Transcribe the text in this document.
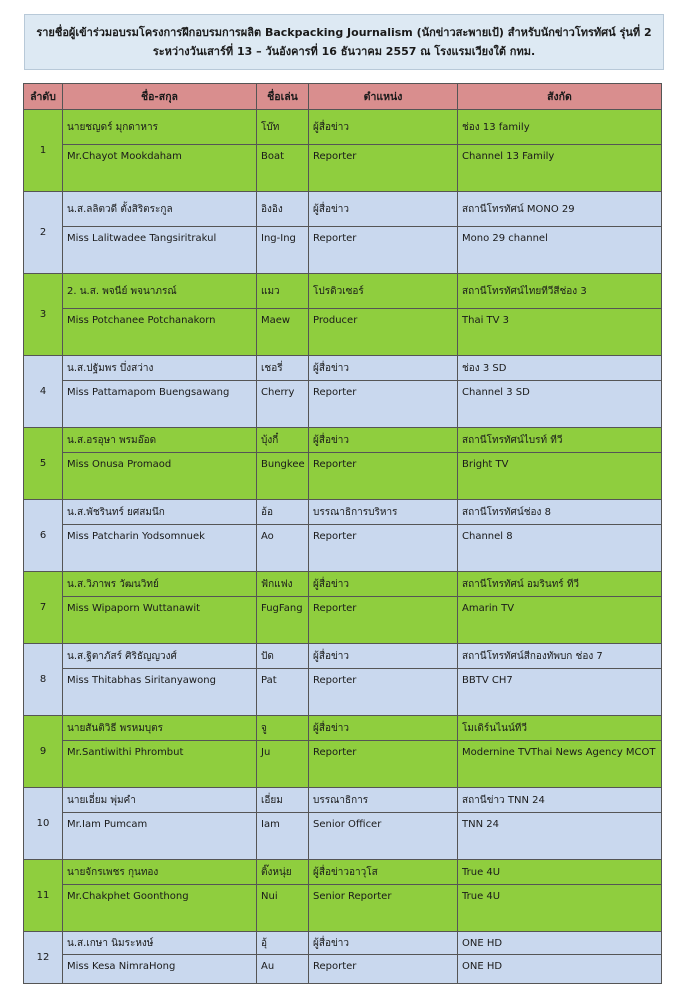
รายชื่อผู้เข้าร่วมอบรมโครงการฝึกอบรมการผลิต Backpacking Journalism (นักข่าวสะพายเป้) สำหรับนักข่าวโทรทัศน์ รุ่นที่ 2
ระหว่างวันเสาร์ที่ 13 – วันอังคารที่ 16 ธันวาคม 2557 ณ โรงแรมเวียงใต้ กทม.
ลำดับ	ชื่อ-สกุล	ชื่อเล่น	ตำแหน่ง	สังกัด
1	นายชญดร์ มุกดาหาร	โบ๊ท	ผู้สื่อข่าว	ช่อง 13 family
	Mr.Chayot Mookdaham	Boat	Reporter	Channel 13 Family
2	น.ส.ลลิตวดี ตั้งสิริตระกูล	อิงอิง	ผู้สื่อข่าว	สถานีโทรทัศน์ MONO 29
	Miss Lalitwadee Tangsiritrakul	Ing-Ing	Reporter	Mono 29 channel
3	2. น.ส. พจนีย์ พจนาภรณ์	แมว	โปรดิวเซอร์	สถานีโทรทัศน์ไทยทีวีสีช่อง 3
	Miss Potchanee Potchanakorn	Maew	Producer	Thai TV 3
4	น.ส.ปฐัมพร บึ่งสว่าง	เชอรี่	ผู้สื่อข่าว	ช่อง 3 SD
	Miss Pattamapom Buengsawang	Cherry	Reporter	Channel 3 SD
5	น.ส.อรอุษา พรมอ๊อด	บุ้งกี๋	ผู้สื่อข่าว	สถานีโทรทัศน์ไบรท์ ทีวี
	Miss Onusa Promaod	Bungkee	Reporter	Bright TV
6	น.ส.พัชรินทร์ ยศสมนึก	อ้อ	บรรณาธิการบริหาร	สถานีโทรทัศน์ช่อง 8
	Miss Patcharin Yodsomnuek	Ao	Reporter	Channel 8
7	น.ส.วิภาพร วัฒนวิทย์	ฟักแฟง	ผู้สื่อข่าว	สถานีโทรทัศน์ อมรินทร์ ทีวี
	Miss Wipaporn Wuttanawit	FugFang	Reporter	Amarin TV
8	น.ส.ฐิตาภัสร์ ศิริธัญญวงศ์	ปัด	ผู้สื่อข่าว	สถานีโทรทัศน์สีกองทัพบก ช่อง 7
	Miss Thitabhas Siritanyawong	Pat	Reporter	BBTV CH7
9	นายสันติวิธี พรหมบุตร	จู	ผู้สื่อข่าว	โมเดิร์นไนน์ทีวี
	Mr.Santiwithi Phrombut	Ju	Reporter	Modernine TVThai News Agency MCOT
10	นายเอี่ยม พุ่มคำ	เอี่ยม	บรรณาธิการ	สถานีข่าว TNN 24
	Mr.Iam Pumcam	Iam	Senior Officer	TNN 24
11	นายจักรเพชร กุนทอง	ติ๊งหนุ่ย	ผู้สื่อข่าวอาวุโส	True 4U
	Mr.Chakphet Goonthong	Nui	Senior Reporter	True 4U
12	น.ส.เกษา นิมระหงษ์	อุ้	ผู้สื่อข่าว	ONE HD
	Miss Kesa NimraHong	Au	Reporter	ONE HD
